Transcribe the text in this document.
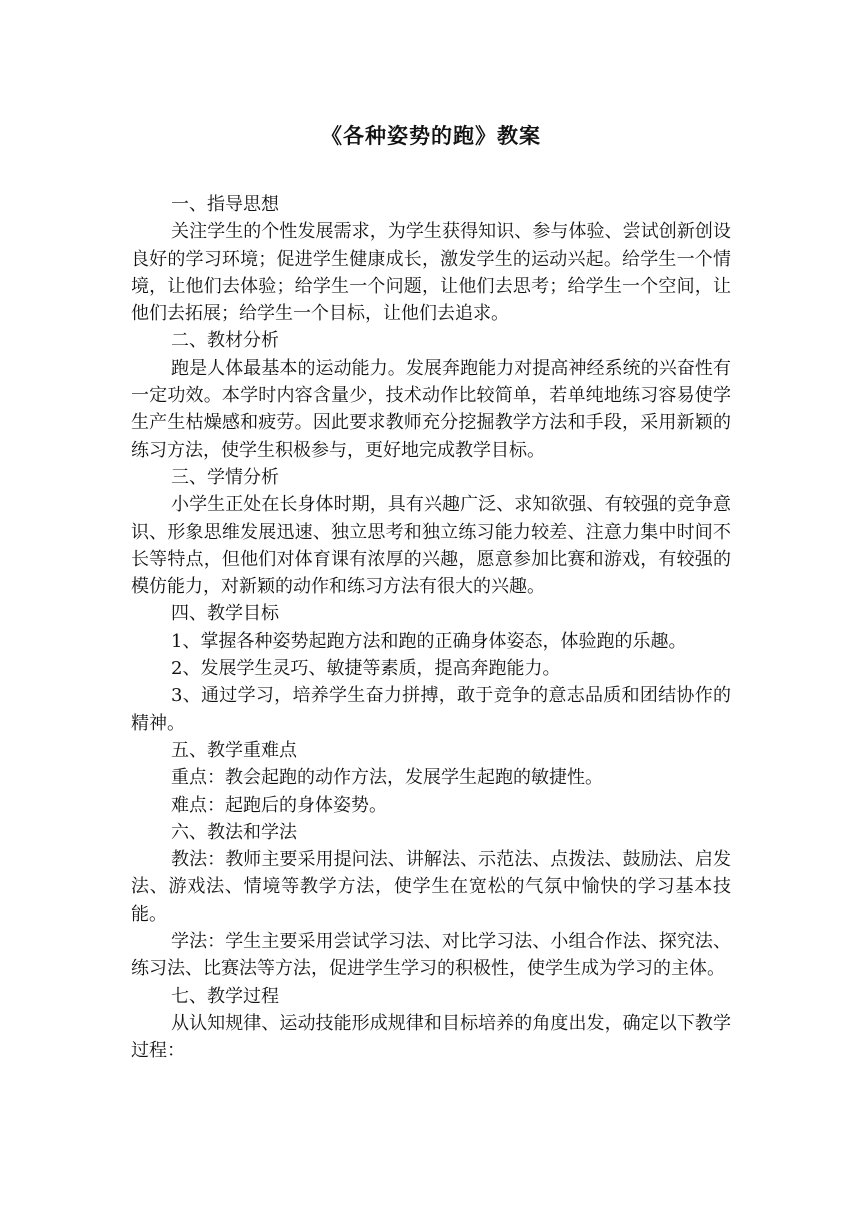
《各种姿势的跑》教案

一、指导思想

关注学生的个性发展需求，为学生获得知识、参与体验、尝试创新创设良好的学习环境；促进学生健康成长，激发学生的运动兴起。给学生一个情境，让他们去体验；给学生一个问题，让他们去思考；给学生一个空间，让他们去拓展；给学生一个目标，让他们去追求。

二、教材分析

跑是人体最基本的运动能力。发展奔跑能力对提高神经系统的兴奋性有一定功效。本学时内容含量少，技术动作比较简单，若单纯地练习容易使学生产生枯燥感和疲劳。因此要求教师充分挖掘教学方法和手段，采用新颖的练习方法，使学生积极参与，更好地完成教学目标。

三、学情分析

小学生正处在长身体时期，具有兴趣广泛、求知欲强、有较强的竞争意识、形象思维发展迅速、独立思考和独立练习能力较差、注意力集中时间不长等特点，但他们对体育课有浓厚的兴趣，愿意参加比赛和游戏，有较强的模仿能力，对新颖的动作和练习方法有很大的兴趣。

四、教学目标

1、掌握各种姿势起跑方法和跑的正确身体姿态，体验跑的乐趣。

2、发展学生灵巧、敏捷等素质，提高奔跑能力。

3、通过学习，培养学生奋力拼搏，敢于竞争的意志品质和团结协作的精神。

五、教学重难点

重点：教会起跑的动作方法，发展学生起跑的敏捷性。

难点：起跑后的身体姿势。

六、教法和学法

教法：教师主要采用提问法、讲解法、示范法、点拨法、鼓励法、启发法、游戏法、情境等教学方法，使学生在宽松的气氛中愉快的学习基本技能。

学法：学生主要采用尝试学习法、对比学习法、小组合作法、探究法、练习法、比赛法等方法，促进学生学习的积极性，使学生成为学习的主体。

七、教学过程

从认知规律、运动技能形成规律和目标培养的角度出发，确定以下教学过程：
